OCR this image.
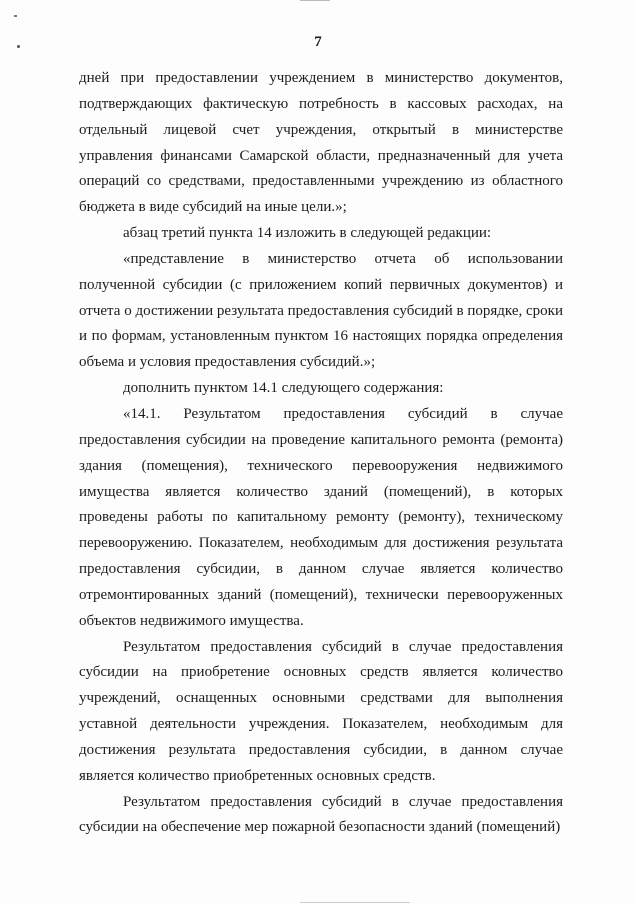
7
дней при предоставлении учреждением в министерство документов,
подтверждающих фактическую потребность в кассовых расходах, на
отдельный лицевой счет учреждения, открытый в министерстве
управления финансами Самарской области, предназначенный для учета
операций со средствами, предоставленными учреждению из областного
бюджета в виде субсидий на иные цели.»;
абзац третий пункта 14 изложить в следующей редакции:
«представление в министерство отчета об использовании
полученной субсидии (с приложением копий первичных документов) и
отчета о достижении результата предоставления субсидий в порядке, сроки
и по формам, установленным пунктом 16 настоящих порядка определения
объема и условия предоставления субсидий.»;
дополнить пунктом 14.1 следующего содержания:
«14.1. Результатом предоставления субсидий в случае
предоставления субсидии на проведение капитального ремонта (ремонта)
здания (помещения), технического перевооружения недвижимого
имущества является количество зданий (помещений), в которых
проведены работы по капитальному ремонту (ремонту), техническому
перевооружению. Показателем, необходимым для достижения результата
предоставления субсидии, в данном случае является количество
отремонтированных зданий (помещений), технически перевооруженных
объектов недвижимого имущества.
Результатом предоставления субсидий в случае предоставления
субсидии на приобретение основных средств является количество
учреждений, оснащенных основными средствами для выполнения
уставной деятельности учреждения. Показателем, необходимым для
достижения результата предоставления субсидии, в данном случае
является количество приобретенных основных средств.
Результатом предоставления субсидий в случае предоставления
субсидии на обеспечение мер пожарной безопасности зданий (помещений)
